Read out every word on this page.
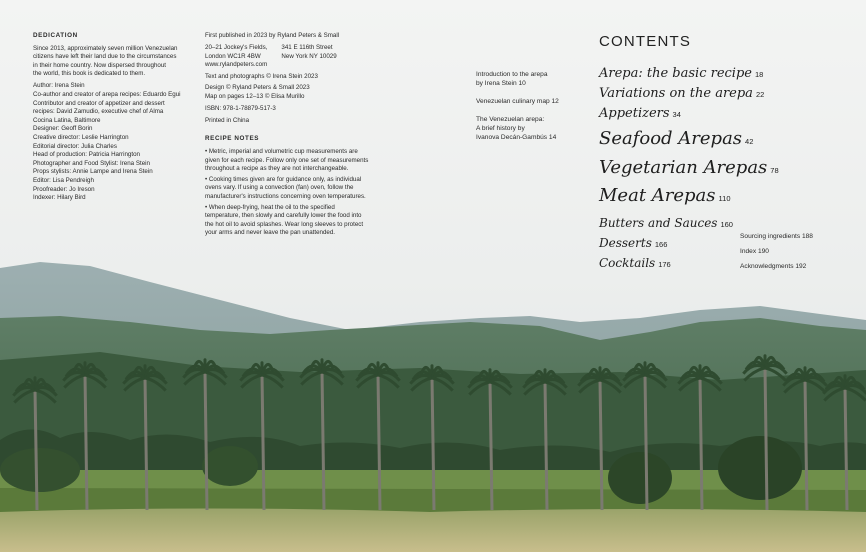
DEDICATION

Since 2013, approximately seven million Venezuelan

citizens have left their land due to the circumstances

in their home country. Now dispersed throughout

the world, this book is dedicated to them.

Author: Irena Stein

Co-author and creator of arepa recipes: Eduardo Egui

Contributor and creator of appetizer and dessert

recipes: David Zamudio, executive chef of Alma

Cocina Latina, Baltimore

Designer: Geoff Borin

Creative director: Leslie Harrington

Editorial director: Julia Charles

Head of production: Patricia Harrington

Photographer and Food Stylist: Irena Stein

Props stylists: Annie Lampe and Irena Stein

Editor: Lisa Pendreigh

Proofreader: Jo Ireson

Indexer: Hilary Bird

First published in 2023 by Ryland Peters & Small

20–21 Jockey's Fields,

London WC1R 4BW

341 E 116th Street

New York NY 10029

www.rylandpeters.com

Text and photographs © Irena Stein 2023

Design © Ryland Peters & Small 2023

Map on pages 12–13 © Elisa Murillo

ISBN: 978-1-78879-517-3

Printed in China

RECIPE NOTES

• Metric, imperial and volumetric cup measurements are

given for each recipe. Follow only one set of measurements

throughout a recipe as they are not interchangeable.

• Cooking times given are for guidance only, as individual

ovens vary. If using a convection (fan) oven, follow the

manufacturer's instructions concerning oven temperatures.

• When deep-frying, heat the oil to the specified

temperature, then slowly and carefully lower the food into

the hot oil to avoid splashes. Wear long sleeves to protect

your arms and never leave the pan unattended.

Introduction to the arepa

by Irena Stein 10

Venezuelan culinary map 12

The Venezuelan arepa:

A brief history by

Ivanova Decán-Gambús 14

CONTENTS
Arepa: the basic recipe 18
Variations on the arepa 22
Appetizers 34
Seafood Arepas 42
Vegetarian Arepas 78
Meat Arepas 110
Butters and Sauces 160
Desserts 166
Cocktails 176

Sourcing ingredients 188

Index 190

Acknowledgments 192
